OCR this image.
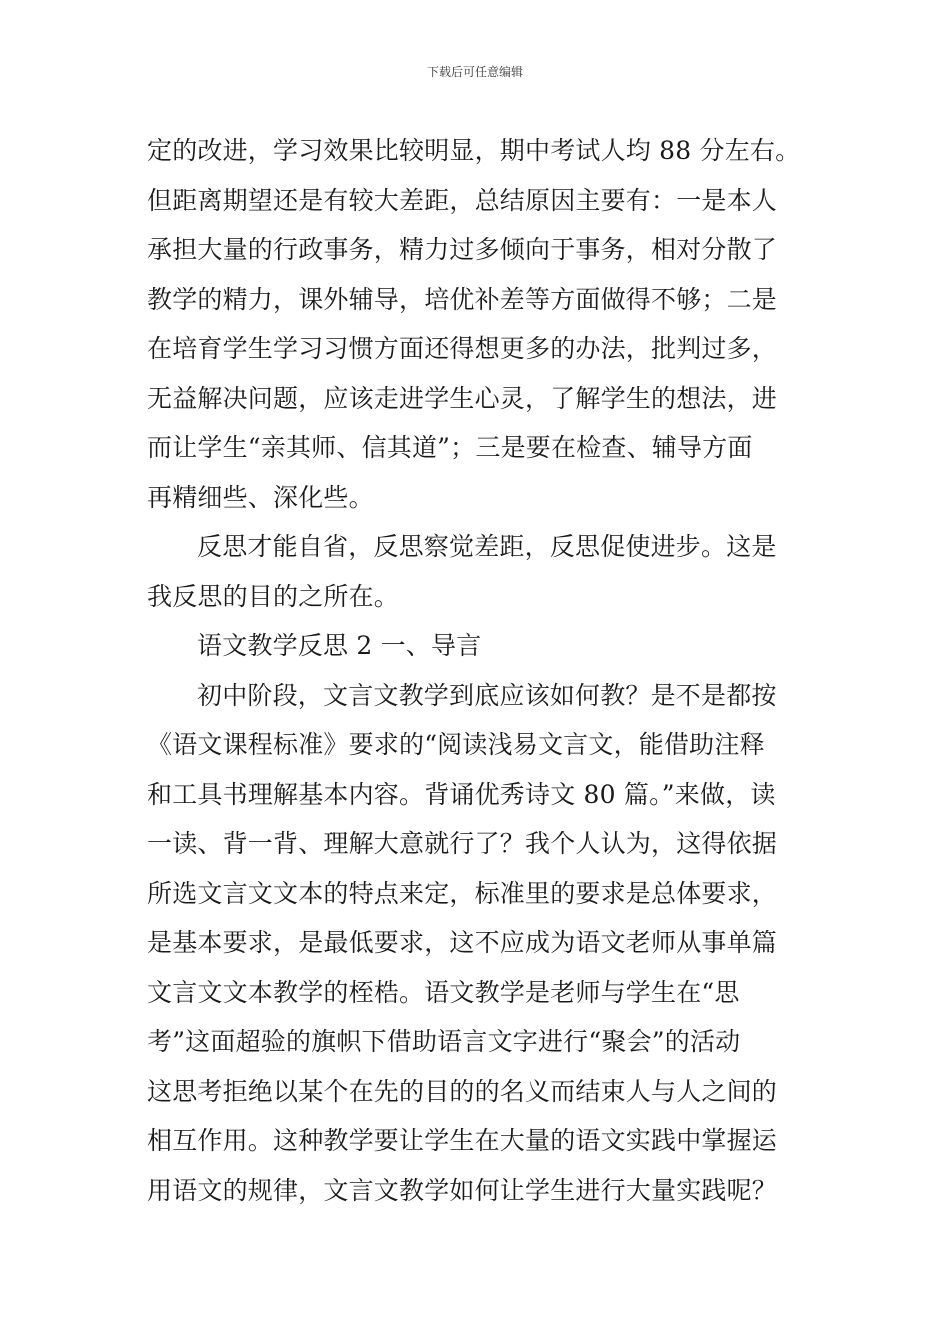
下载后可任意编辑

定的改进，学习效果比较明显，期中考试人均 88 分左右。
但距离期望还是有较大差距，总结原因主要有：一是本人
承担大量的行政事务，精力过多倾向于事务，相对分散了
教学的精力，课外辅导，培优补差等方面做得不够；二是
在培育学生学习习惯方面还得想更多的办法，批判过多，
无益解决问题，应该走进学生心灵，了解学生的想法，进
而让学生“亲其师、信其道”；三是要在检查、辅导方面
再精细些、深化些。

反思才能自省，反思察觉差距，反思促使进步。这是
我反思的目的之所在。

语文教学反思 2 一、导言

初中阶段，文言文教学到底应该如何教？是不是都按
《语文课程标准》要求的“阅读浅易文言文，能借助注释
和工具书理解基本内容。背诵优秀诗文 80 篇。”来做，读
一读、背一背、理解大意就行了？我个人认为，这得依据
所选文言文文本的特点来定，标准里的要求是总体要求，
是基本要求，是最低要求，这不应成为语文老师从事单篇
文言文文本教学的桎梏。语文教学是老师与学生在“思
考”这面超验的旗帜下借助语言文字进行“聚会”的活动
这思考拒绝以某个在先的目的的名义而结束人与人之间的
相互作用。这种教学要让学生在大量的语文实践中掌握运
用语文的规律，文言文教学如何让学生进行大量实践呢？
